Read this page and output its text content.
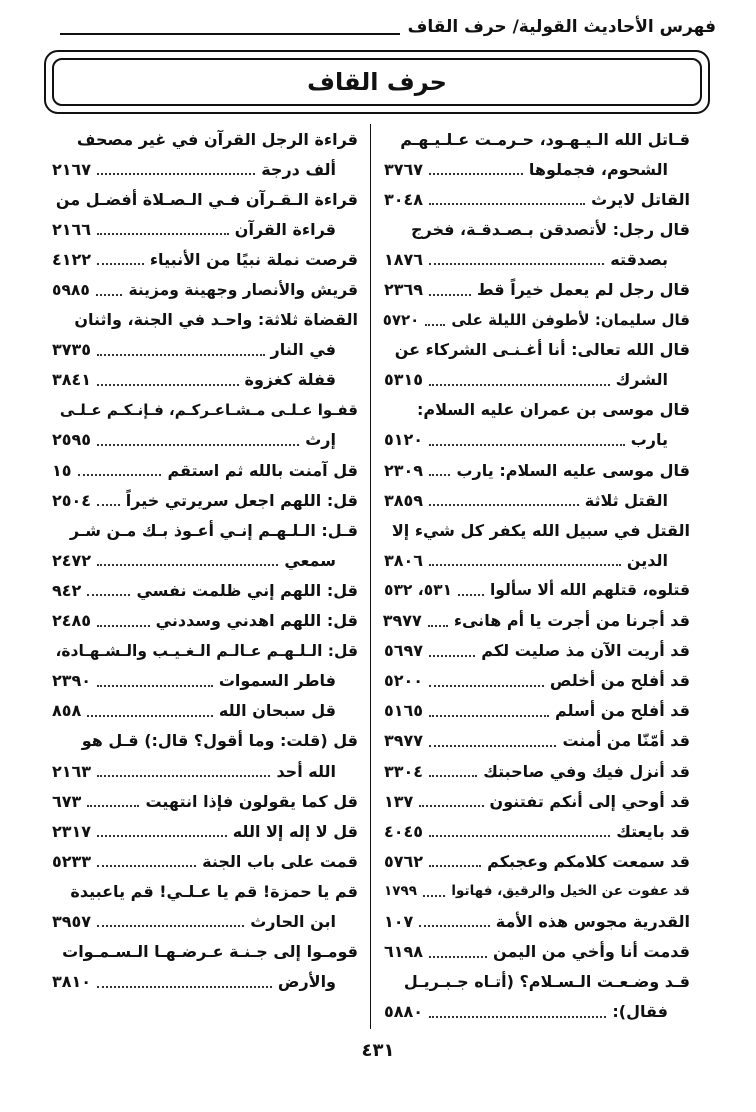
فهرس الأحاديث القولية/ حرف القاف
حرف القاف
قـاتل الله الـيـهـود، حـرمـت عـلـيـهـم
الشحوم، فجملوها
٣٧٦٧
القاتل لايرث
٣٠٤٨
قال رجل: لأتصدقن بـصـدقـة، فخرج
بصدقته
١٨٧٦
قال رجل لم يعمل خيراً قط
٢٣٦٩
قال سليمان: لأطوفن الليلة على
٥٧٢٠
قال الله تعالى: أنا أغـنـى الشركاء عن
الشرك
٥٣١٥
قال موسى بن عمران عليه السلام:
يارب
٥١٢٠
قال موسى عليه السلام: يارب
٢٣٠٩
القتل ثلاثة
٣٨٥٩
القتل في سبيل الله يكفر كل شيء إلا
الدين
٣٨٠٦
قتلوه، قتلهم الله ألا سألوا
٥٣١، ٥٣٢
قد أجرنا من أجرت يا أم هانىء
٣٩٧٧
قد أريت الآن مذ صليت لكم
٥٦٩٧
قد أفلح من أخلص
٥٢٠٠
قد أفلح من أسلم
٥١٦٥
قد أمّنّا من أمنت
٣٩٧٧
قد أنزل فيك وفي صاحبتك
٣٣٠٤
قد أوحي إلى أنكم تفتنون
١٣٧
قد بايعتك
٤٠٤٥
قد سمعت كلامكم وعجبكم
٥٧٦٢
قد عفوت عن الخيل والرقيق، فهاتوا
١٧٩٩
القدرية مجوس هذه الأمة
١٠٧
قدمت أنا وأخي من اليمن
٦١٩٨
قـد وضـعـت الـسـلام؟ (أتـاه جـبـريـل
فقال):
٥٨٨٠
قراءة الرجل القرآن في غير مصحف
ألف درجة
٢١٦٧
قراءة الـقـرآن فـي الـصـلاة أفضـل من
قراءة القرآن
٢١٦٦
قرصت نملة نبيًا من الأنبياء
٤١٢٢
قريش والأنصار وجهينة ومزينة
٥٩٨٥
القضاة ثلاثة: واحـد في الجنة، واثنان
في النار
٣٧٣٥
قفلة كغزوة
٣٨٤١
قفـوا عـلـى مـشـاعـركـم، فـإنـكـم عـلـى
إرث
٢٥٩٥
قل آمنت بالله ثم استقم
١٥
قل: اللهم اجعل سريرتي خيراً
٢٥٠٤
قـل: الـلـهـم إنـي أعـوذ بـك مـن شـر
سمعي
٢٤٧٢
قل: اللهم إني ظلمت نفسي
٩٤٢
قل: اللهم اهدني وسددني
٢٤٨٥
قل: الـلـهـم عـالـم الـغـيـب والـشـهـادة،
فاطر السموات
٢٣٩٠
قل سبحان الله
٨٥٨
قل (قلت: وما أقول؟ قال:) قـل هو
الله أحد
٢١٦٣
قل كما يقولون فإذا انتهيت
٦٧٣
قل لا إله إلا الله
٢٣١٧
قمت على باب الجنة
٥٢٣٣
قم يا حمزة! قم يا عـلـي! قم ياعبيدة
ابن الحارث
٣٩٥٧
قومـوا إلى جـنـة عـرضـهـا الـسـمـوات
والأرض
٣٨١٠
٤٣١
